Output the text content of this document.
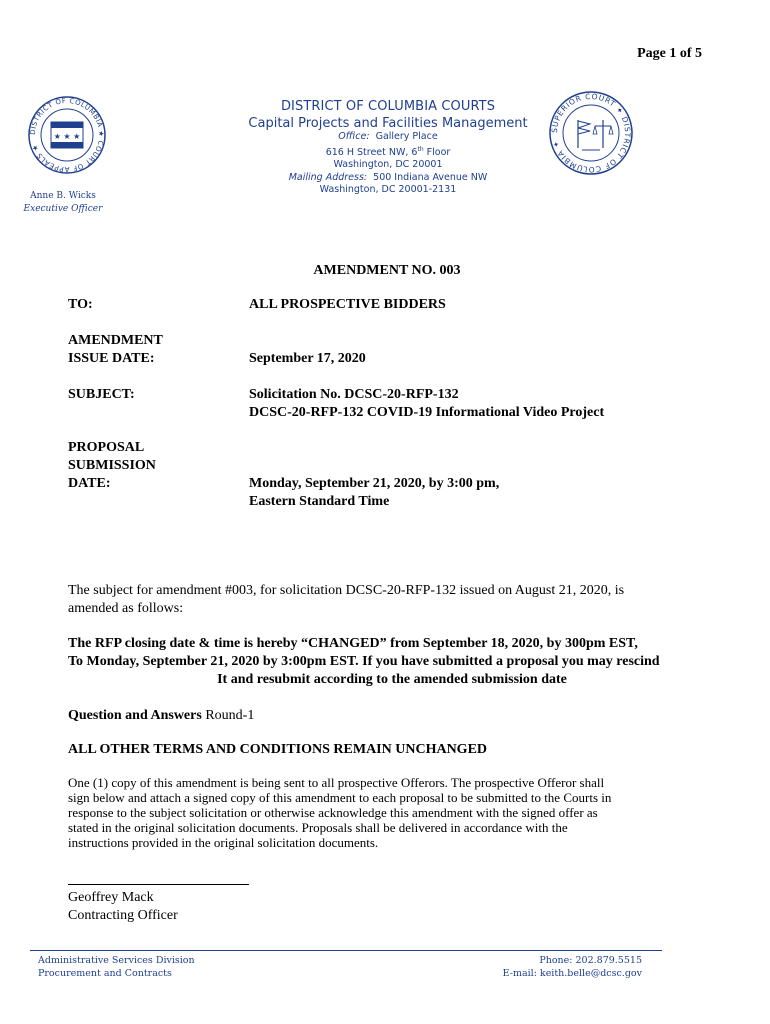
Page 1 of 5
DISTRICT OF COLUMBIA ★ COURT OF APPEALS ★
★ ★ ★
SUPERIOR COURT ✦ DISTRICT OF COLUMBIA ✦
DISTRICT OF COLUMBIA COURTS
Capital Projects and Facilities Management
Office: Gallery Place
616 H Street NW, 6th Floor
Washington, DC 20001
Mailing Address: 500 Indiana Avenue NW
Washington, DC 20001-2131
Anne B. Wicks
Executive Officer
AMENDMENT NO. 003
TO:	ALL PROSPECTIVE BIDDERS
AMENDMENT
ISSUE DATE:	September 17, 2020
SUBJECT:	Solicitation No. DCSC-20-RFP-132
DCSC-20-RFP-132 COVID-19 Informational Video Project
PROPOSAL
SUBMISSION
DATE:	Monday, September 21, 2020, by 3:00 pm,
Eastern Standard Time
The subject for amendment #003, for solicitation DCSC-20-RFP-132 issued on August 21, 2020, is
amended as follows:
The RFP closing date & time is hereby “CHANGED” from September 18, 2020, by 300pm EST,
To Monday, September 21, 2020 by 3:00pm EST. If you have submitted a proposal you may rescind
It and resubmit according to the amended submission date
Question and Answers Round-1
ALL OTHER TERMS AND CONDITIONS REMAIN UNCHANGED
One (1) copy of this amendment is being sent to all prospective Offerors. The prospective Offeror shall
sign below and attach a signed copy of this amendment to each proposal to be submitted to the Courts in
response to the subject solicitation or otherwise acknowledge this amendment with the signed offer as
stated in the original solicitation documents. Proposals shall be delivered in accordance with the
instructions provided in the original solicitation documents.
Geoffrey Mack
Contracting Officer
Administrative Services Division
Procurement and Contracts
Phone: 202.879.5515
E-mail: keith.belle@dcsc.gov
